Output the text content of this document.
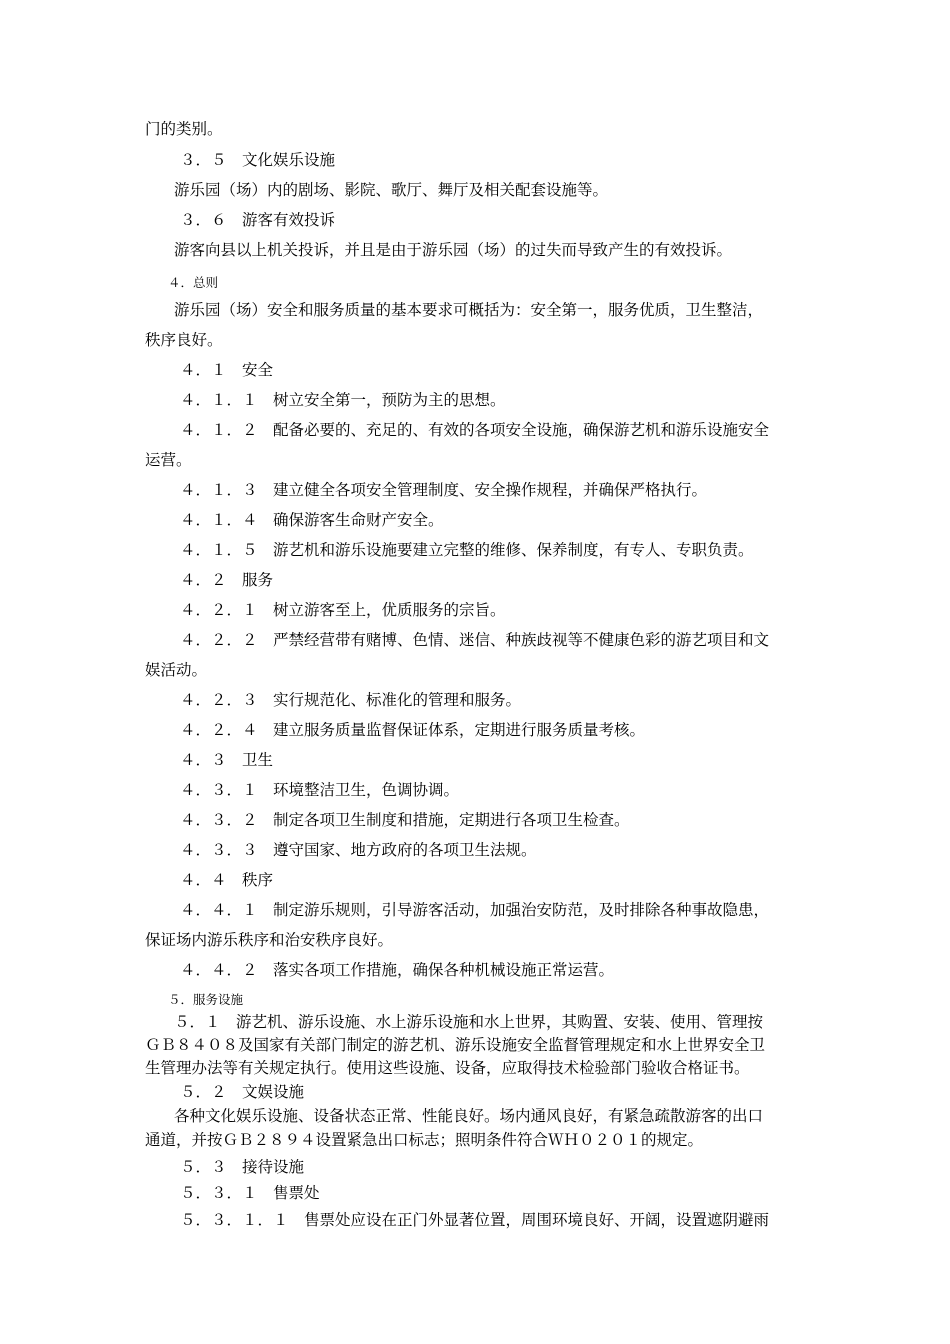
门的类别。
３．５　文化娱乐设施
游乐园（场）内的剧场、影院、歌厅、舞厅及相关配套设施等。
３．６　游客有效投诉
游客向县以上机关投诉，并且是由于游乐园（场）的过失而导致产生的有效投诉。
４．总则
游乐园（场）安全和服务质量的基本要求可概括为：安全第一，服务优质，卫生整洁，
秩序良好。
４．１　安全
４．１．１　树立安全第一，预防为主的思想。
４．１．２　配备必要的、充足的、有效的各项安全设施，确保游艺机和游乐设施安全
运营。
４．１．３　建立健全各项安全管理制度、安全操作规程，并确保严格执行。
４．１．４　确保游客生命财产安全。
４．１．５　游艺机和游乐设施要建立完整的维修、保养制度，有专人、专职负责。
４．２　服务
４．２．１　树立游客至上，优质服务的宗旨。
４．２．２　严禁经营带有赌博、色情、迷信、种族歧视等不健康色彩的游艺项目和文
娱活动。
４．２．３　实行规范化、标准化的管理和服务。
４．２．４　建立服务质量监督保证体系，定期进行服务质量考核。
４．３　卫生
４．３．１　环境整洁卫生，色调协调。
４．３．２　制定各项卫生制度和措施，定期进行各项卫生检查。
４．３．３　遵守国家、地方政府的各项卫生法规。
４．４　秩序
４．４．１　制定游乐规则，引导游客活动，加强治安防范，及时排除各种事故隐患，
保证场内游乐秩序和治安秩序良好。
４．４．２　落实各项工作措施，确保各种机械设施正常运营。
５．服务设施
５．１　游艺机、游乐设施、水上游乐设施和水上世界，其购置、安装、使用、管理按
ＧＢ８４０８及国家有关部门制定的游艺机、游乐设施安全监督管理规定和水上世界安全卫
生管理办法等有关规定执行。使用这些设施、设备，应取得技术检验部门验收合格证书。
５．２　文娱设施
各种文化娱乐设施、设备状态正常、性能良好。场内通风良好，有紧急疏散游客的出口
通道，并按ＧＢ２８９４设置紧急出口标志；照明条件符合ＷＨ０２０１的规定。
５．３　接待设施
５．３．１　售票处
５．３．１．１　售票处应设在正门外显著位置，周围环境良好、开阔，设置遮阴避雨
